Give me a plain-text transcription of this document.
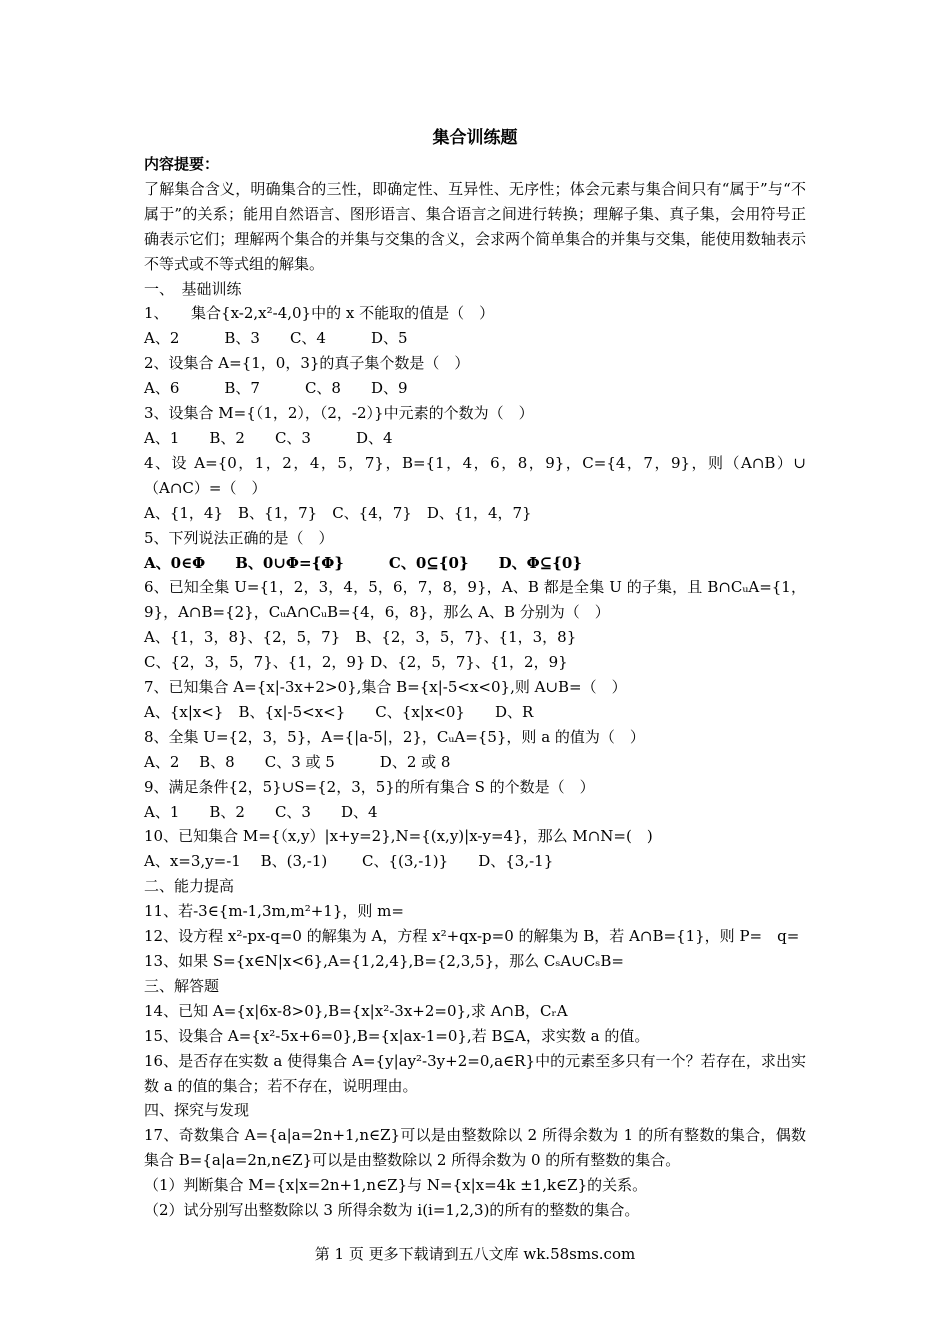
集合训练题
内容提要：
了解集合含义，明确集合的三性，即确定性、互异性、无序性；体会元素与集合间只有“属于”与“不属于”的关系；能用自然语言、图形语言、集合语言之间进行转换；理解子集、真子集，会用符号正确表示它们；理解两个集合的并集与交集的含义，会求两个简单集合的并集与交集，能使用数轴表示不等式或不等式组的解集。
一、　基础训练
1、　　集合{x-2,x²-4,0}中的 x 不能取的值是（　）
A、2　　　B、3　　C、4　　　D、5
2、设集合 A={1，0，3}的真子集个数是（　）
A、6　　　B、7　　　C、8　　D、9
3、设集合 M={（1，2），（2，-2）}中元素的个数为（　）
A、1　　B、2　　C、3　　　D、4
4、设 A={0，1，2，4，5，7}，B={1，4，6，8，9}，C={4，7，9}，则（A∩B）∪（A∩C）=（　）
A、{1，4}　B、{1，7}　C、{4，7}　D、{1，4，7}
5、下列说法正确的是（　）
A、0∈Φ　　B、0∪Φ={Φ}　　　C、0⊆{0}　　D、Φ⊆{0}
6、已知全集 U={1，2，3，4，5，6，7，8，9}，A、B 都是全集 U 的子集，且 B∩CᵤA={1，9}，A∩B={2}，CᵤA∩CᵤB={4，6，8}，那么 A、B 分别为（　）
A、{1，3，8}、{2，5，7}　B、{2，3，5，7}、{1，3，8}
C、{2，3，5，7}、{1，2，9} D、{2，5，7}、{1，2，9}
7、已知集合 A={x|-3x+2>0},集合 B={x|-5<x<0},则 A∪B=（　）
A、{x|x<}　B、{x|-5<x<}　　C、{x|x<0}　　D、R
8、全集 U={2，3，5}，A={|a-5|，2}，CᵤA={5}，则 a 的值为（　）
A、2　 B、8　　C、3 或 5　　　D、2 或 8
9、满足条件{2，5}∪S={2，3，5}的所有集合 S 的个数是（　）
A、1　　B、2　　C、3　　D、4
10、已知集合 M={（x,y）|x+y=2},N={(x,y)|x-y=4}，那么 M∩N=(　)
A、x=3,y=-1　 B、(3,-1)　　 C、{(3,-1)}　　D、{3,-1}
二、能力提高
11、若-3∈{m-1,3m,m²+1}，则 m=
12、设方程 x²-px-q=0 的解集为 A，方程 x²+qx-p=0 的解集为 B，若 A∩B={1}，则 P=　q=
13、如果 S={x∈N|x<6},A={1,2,4},B={2,3,5}，那么 CₛA∪CₛB=
三、解答题
14、已知 A={x|6x-8>0},B={x|x²-3x+2=0},求 A∩B，CᵣA
15、设集合 A={x²-5x+6=0},B={x|ax-1=0},若 B⊆A，求实数 a 的值。
16、是否存在实数 a 使得集合 A={y|ay²-3y+2=0,a∈R}中的元素至多只有一个？若存在，求出实数 a 的值的集合；若不存在，说明理由。
四、探究与发现
17、奇数集合 A={a|a=2n+1,n∈Z}可以是由整数除以 2 所得余数为 1 的所有整数的集合，偶数集合 B={a|a=2n,n∈Z}可以是由整数除以 2 所得余数为 0 的所有整数的集合。
（1）判断集合 M={x|x=2n+1,n∈Z}与 N={x|x=4k ±1,k∈Z}的关系。
（2）试分别写出整数除以 3 所得余数为 i(i=1,2,3)的所有的整数的集合。
第 1 页 更多下载请到五八文库 wk.58sms.com
